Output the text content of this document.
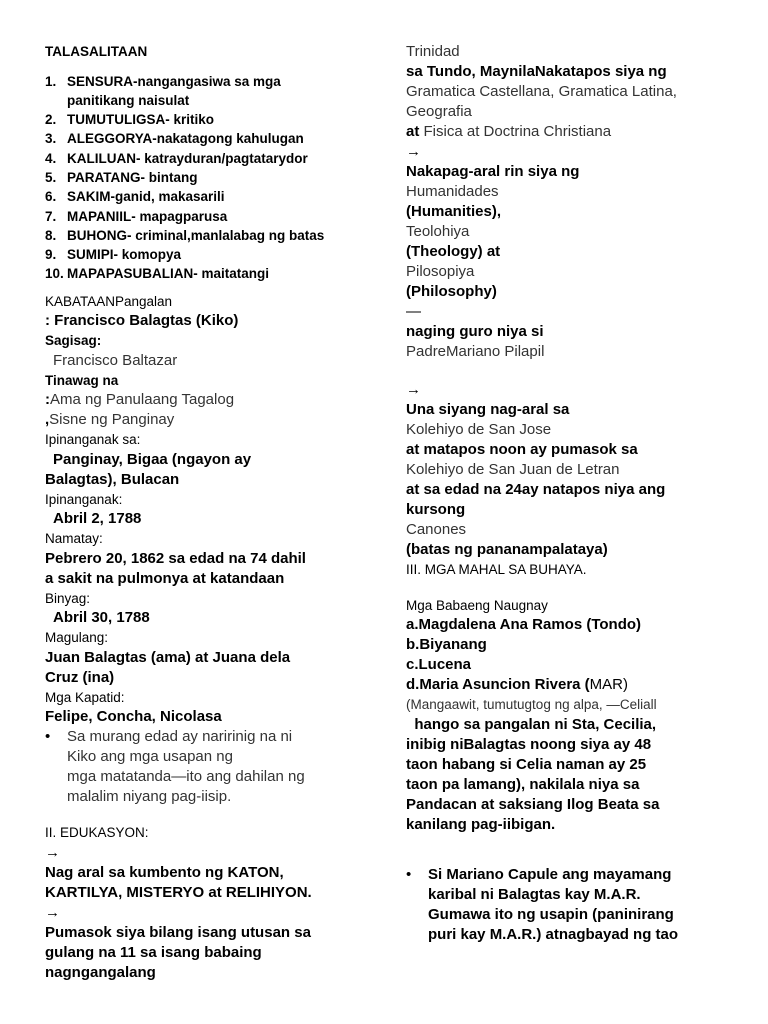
TALASALITAAN
1. SENSURA-nangangasiwa sa mga
panitikang naisulat
2. TUMUTULIGSA- kritiko
3. ALEGGORYA-nakatagong kahulugan
4. KALILUAN- katrayduran/pagtatarydor
5. PARATANG- bintang
6. SAKIM-ganid, makasarili
7. MAPANIIL- mapagparusa
8. BUHONG- criminal,manlalabag ng batas
9. SUMIPI- komopya
10. MAPAPASUBALIAN- maitatangi
KABATAANPangalan
: Francisco Balagtas (Kiko)
Sagisag:
Francisco Baltazar
Tinawag na
:Ama ng Panulaang Tagalog
,Sisne ng Panginay
Ipinanganak sa:
Panginay, Bigaa (ngayon ay
Balagtas), Bulacan
Ipinanganak:
Abril 2, 1788
Namatay:
Pebrero 20, 1862 sa edad na 74 dahil
a sakit na pulmonya at katandaan
Binyag:
Abril 30, 1788
Magulang:
Juan Balagtas (ama) at Juana dela
Cruz (ina)
Mga Kapatid:
Felipe, Concha, Nicolasa
• Sa murang edad ay naririnig na ni
Kiko ang mga usapan ng
mga matatanda—ito ang dahilan ng
malalim niyang pag-iisip.
II. EDUKASYON:
→
Nag aral sa kumbento ng KATON,
KARTILYA, MISTERYO at RELIHIYON.
→
Pumasok siya bilang isang utusan sa
gulang na 11 sa isang babaing
nagngangalang
Trinidad
sa Tundo, MaynilaNakatapos siya ng
Gramatica Castellana, Gramatica Latina,
Geografia
at Fisica at Doctrina Christiana
→
Nakapag-aral rin siya ng
Humanidades
(Humanities),
Teolohiya
(Theology) at
Pilosopiya
(Philosophy)
—
naging guro niya si
PadreMariano Pilapil
→
Una siyang nag-aral sa
Kolehiyo de San Jose
at matapos noon ay pumasok sa
Kolehiyo de San Juan de Letran
at sa edad na 24ay natapos niya ang
kursong
Canones
(batas ng pananampalataya)
III. MGA MAHAL SA BUHAYA.
Mga Babaeng Naugnay
a.Magdalena Ana Ramos (Tondo)
b.Biyanang
c.Lucena
d.Maria Asuncion Rivera (MAR)
(Mangaawit, tumutugtog ng alpa, —Celiall
hango sa pangalan ni Sta, Cecilia,
inibig niBalagtas noong siya ay 48
taon habang si Celia naman ay 25
taon pa lamang), nakilala niya sa
Pandacan at saksiang Ilog Beata sa
kanilang pag-iibigan.
• Si Mariano Capule ang mayamang
karibal ni Balagtas kay M.A.R.
Gumawa ito ng usapin (paninirang
puri kay M.A.R.) atnagbayad ng tao
